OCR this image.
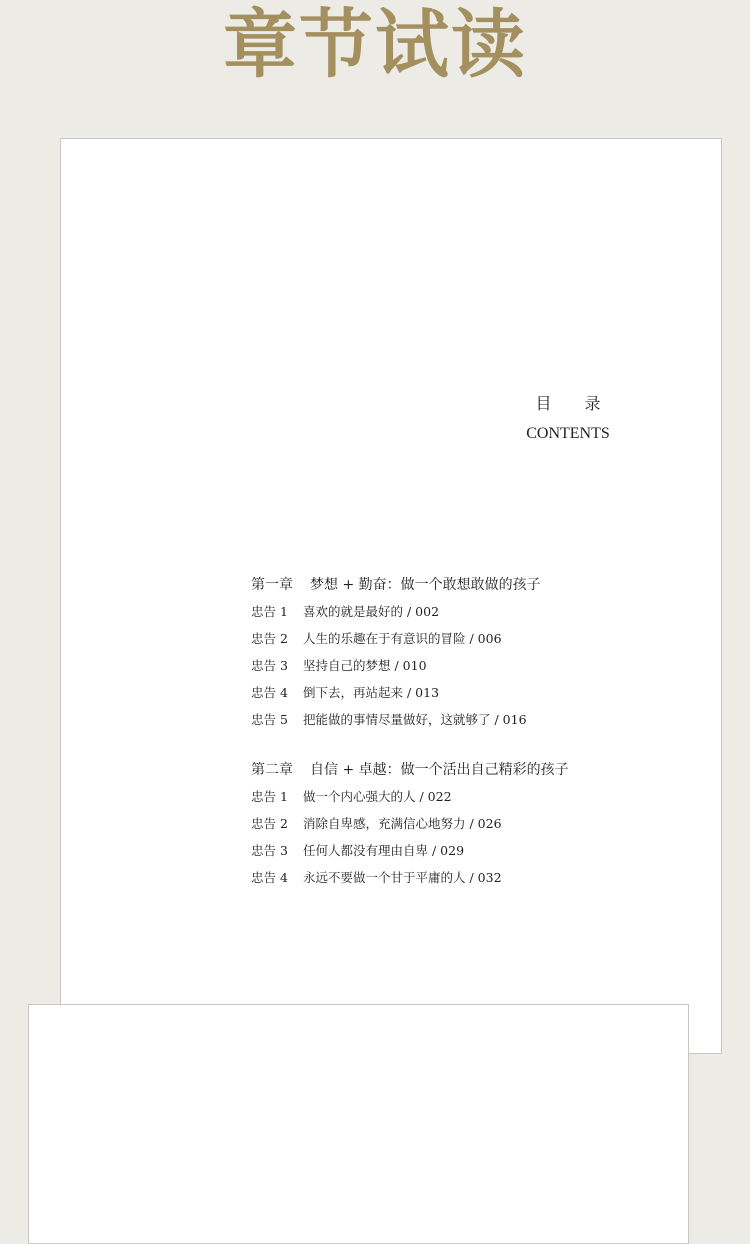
章节试读
目 录
CONTENTS
第一章 梦想 + 勤奋：做一个敢想敢做的孩子
忠告 1 喜欢的就是最好的 / 002
忠告 2 人生的乐趣在于有意识的冒险 / 006
忠告 3 坚持自己的梦想 / 010
忠告 4 倒下去，再站起来 / 013
忠告 5 把能做的事情尽量做好，这就够了 / 016
第二章 自信 + 卓越：做一个活出自己精彩的孩子
忠告 1 做一个内心强大的人 / 022
忠告 2 消除自卑感，充满信心地努力 / 026
忠告 3 任何人都没有理由自卑 / 029
忠告 4 永远不要做一个甘于平庸的人 / 032
